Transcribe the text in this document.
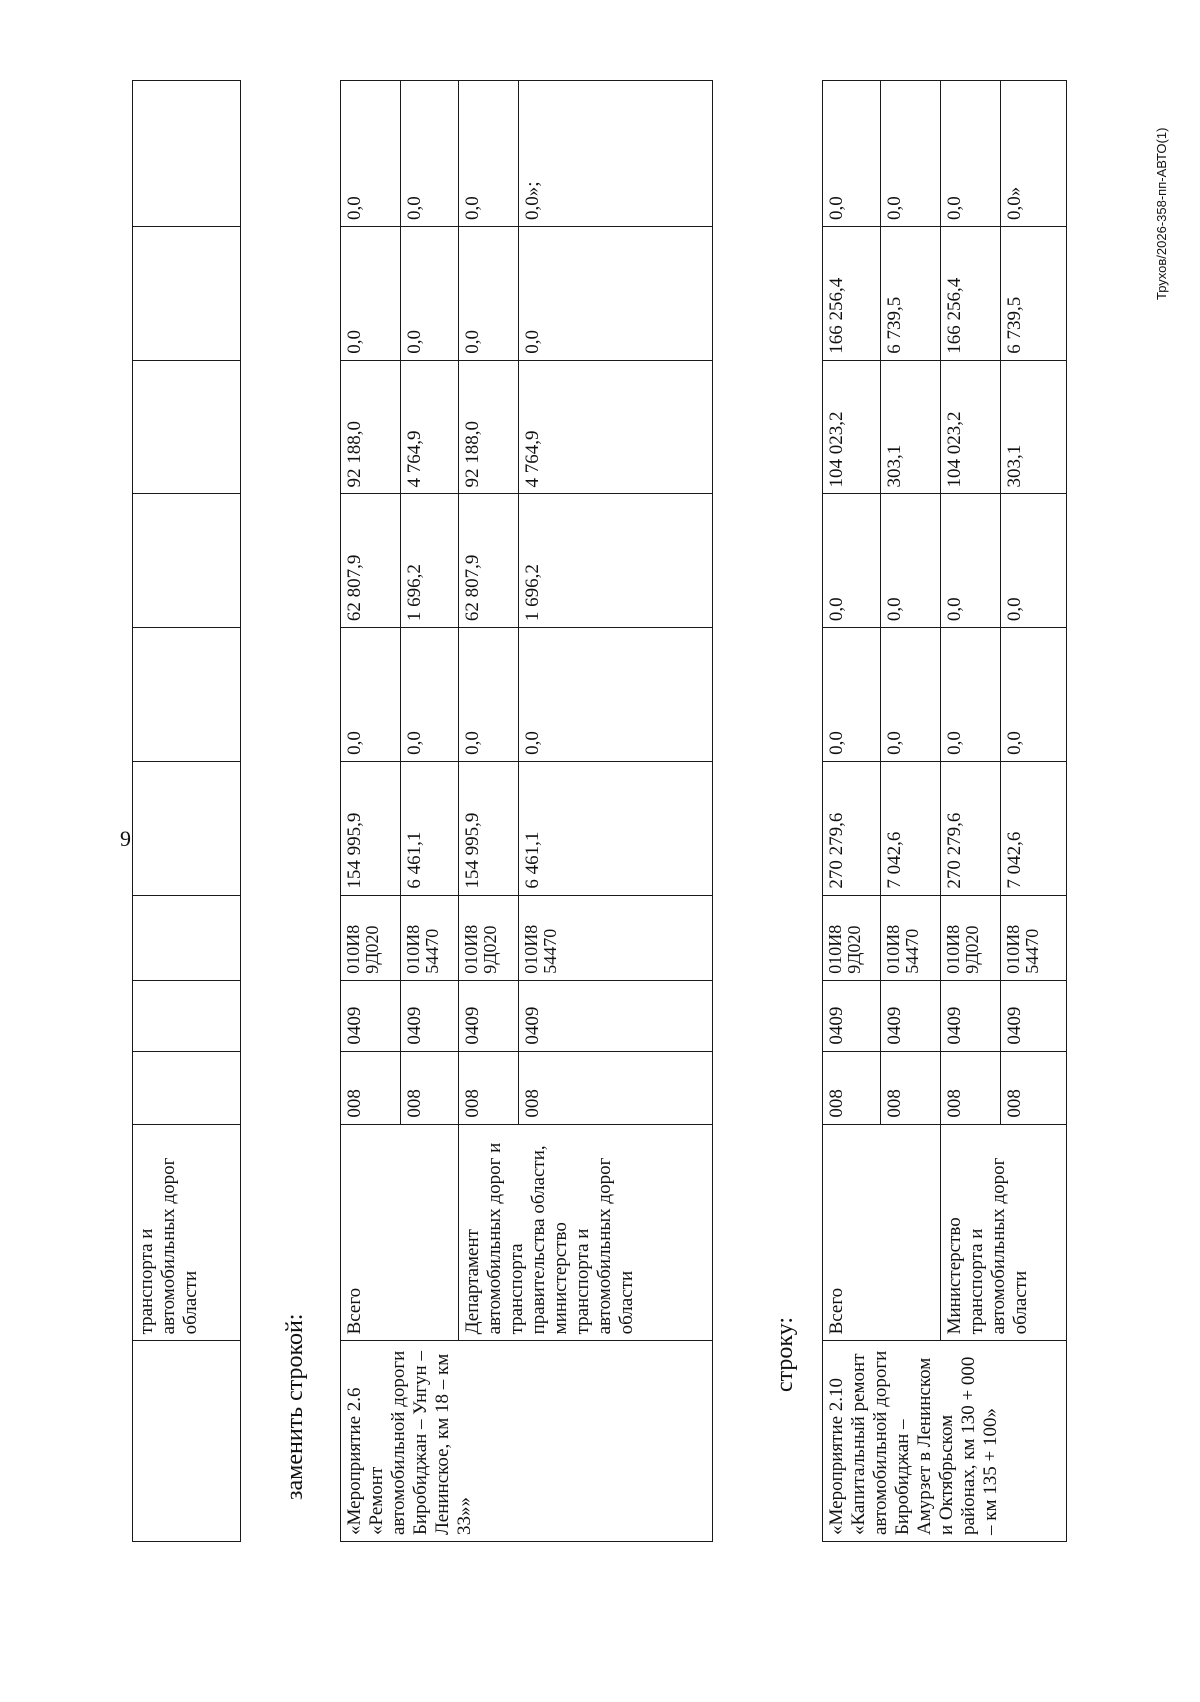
9
Трухов/2026-358-пп-АВТО(1)
	транспорта и автомобильных дорог области									
заменить строкой: «Мероприятие 2.6 «Ремонт автомобильной дороги Биробиджан – Унгун – Ленинское, км 18 – км 33»»	Всего	008	0409	010И8 9Д020	154 995,9	0,0	62 807,9	92 188,0	0,0	0,0
		008	0409	010И8 54470	6 461,1	0,0	1 696,2	4 764,9	0,0	0,0
	Департамент автомобильных дорог и транспорта правительства области, министерство транспорта и автомобильных дорог области	008	0409	010И8 9Д020	154 995,9	0,0	62 807,9	92 188,0	0,0	0,0
		008	0409	010И8 54470	6 461,1	0,0	1 696,2	4 764,9	0,0	0,0»;
строку:
«Мероприятие 2.10 «Капитальный ремонт автомобильной дороги Биробиджан – Амурзет в Ленинском и Октябрьском районах, км 130 + 000 – км 135 + 100»	Всего	008	0409	010И8 9Д020	270 279,6	0,0	0,0	104 023,2	166 256,4	0,0
		008	0409	010И8 54470	7 042,6	0,0	0,0	303,1	6 739,5	0,0
	Министерство транспорта и автомобильных дорог области	008	0409	010И8 9Д020	270 279,6	0,0	0,0	104 023,2	166 256,4	0,0
		008	0409	010И8 54470	7 042,6	0,0	0,0	303,1	6 739,5	0,0»
